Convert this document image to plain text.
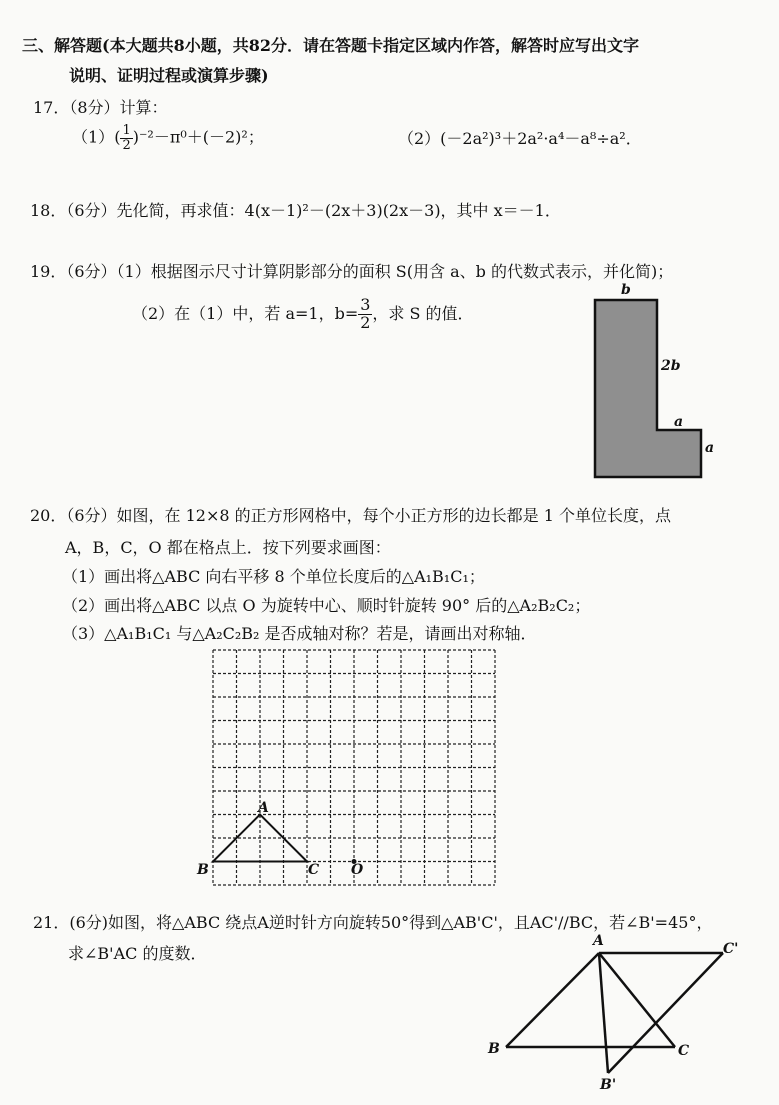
三、解答题(本大题共8小题，共82分．请在答题卡指定区域内作答，解答时应写出文字
说明、证明过程或演算步骤)
17．（8分）计算：
$(1)( \frac{1}{2} )^{-2}-\pi^0+(-2)^2$；	（2）(－2a²)³＋2a²·a⁴－a⁸÷a²．
18．（6分）先化简，再求值：4(x－1)²－(2x＋3)(2x－3)，其中 x＝－1．
19．（6分）（1）根据图示尺寸计算阴影部分的面积 S(用含 a、b 的代数式表示，并化简)；
（2）在（1）中，若 a=1，$b= \frac{3}{2}$ ，求 S 的值．
b
2b
a
a
20．（6分）如图，在 12×8 的正方形网格中，每个小正方形的边长都是 1 个单位长度，点
A，B，C，O 都在格点上．按下列要求画图：
（1）画出将△ABC 向右平移 8 个单位长度后的△A₁B₁C₁；
（2）画出将△ABC 以点 O 为旋转中心、顺时针旋转 90° 后的△A₂B₂C₂；
（3）△A₁B₁C₁ 与△A₂C₂B₂ 是否成轴对称？若是，请画出对称轴．
A
B	C O
21．(6分)如图，将△ABC 绕点A逆时针方向旋转50°得到△AB'C'，且AC'//BC，若∠B'=45°，
求∠B'AC 的度数．
A
B	C
C'
B'
